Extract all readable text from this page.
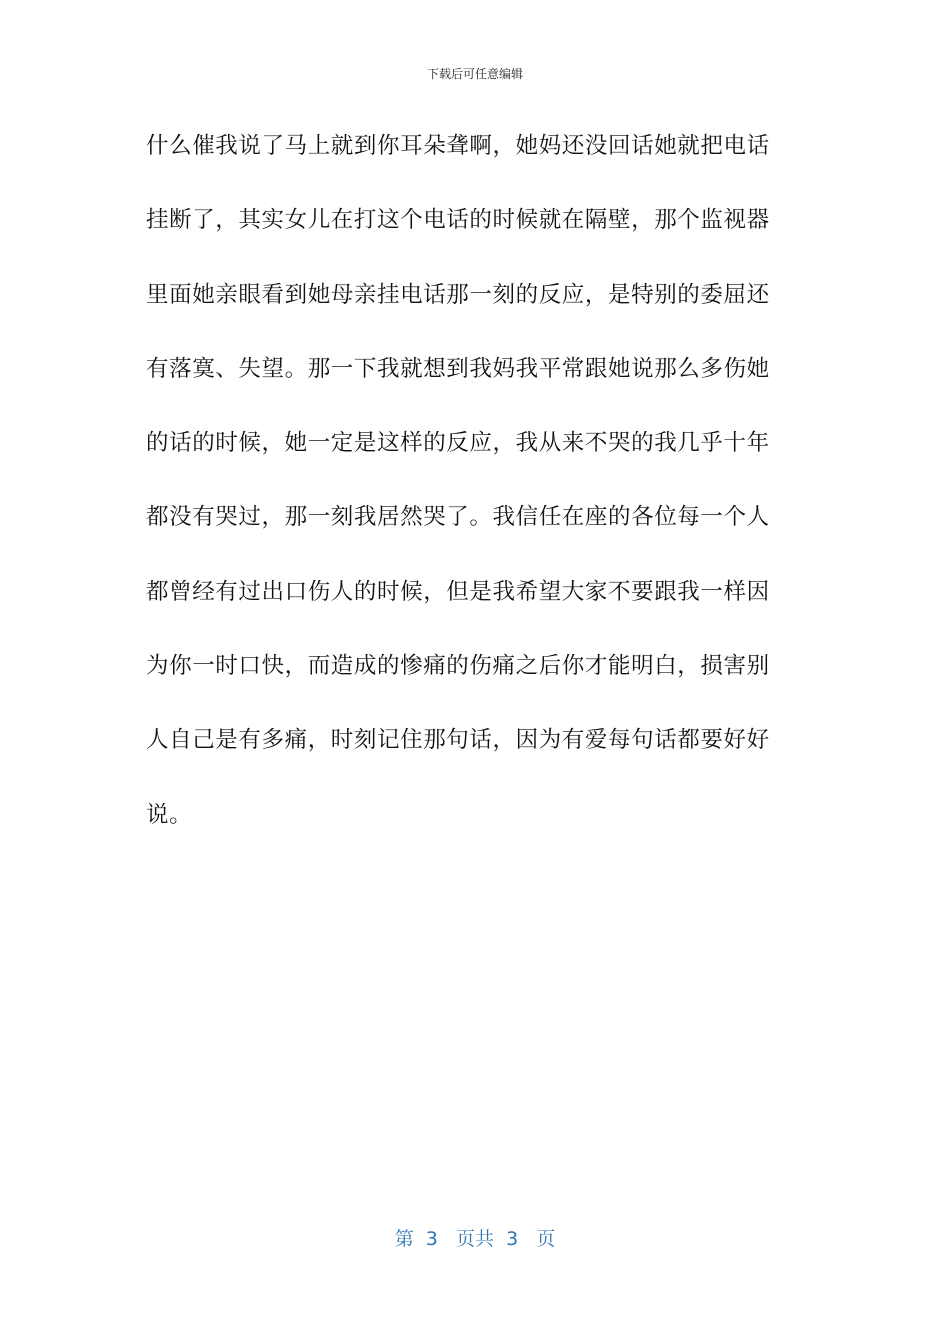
下载后可任意编辑
什么催我说了马上就到你耳朵聋啊，她妈还没回话她就把电话
挂断了，其实女儿在打这个电话的时候就在隔壁，那个监视器
里面她亲眼看到她母亲挂电话那一刻的反应，是特别的委屈还
有落寞、失望。那一下我就想到我妈我平常跟她说那么多伤她
的话的时候，她一定是这样的反应，我从来不哭的我几乎十年
都没有哭过，那一刻我居然哭了。我信任在座的各位每一个人
都曾经有过出口伤人的时候，但是我希望大家不要跟我一样因
为你一时口快，而造成的惨痛的伤痛之后你才能明白，损害别
人自己是有多痛，时刻记住那句话，因为有爱每句话都要好好
说。
第  3   页共  3   页
